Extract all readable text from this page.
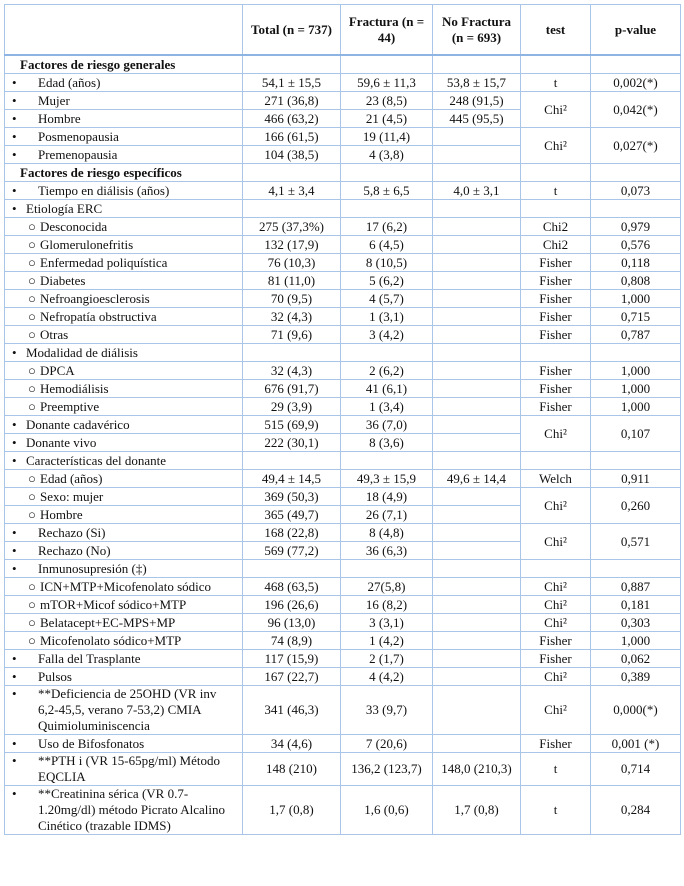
	Total (n = 737)	Fractura (n = 44)	No Fractura (n = 693)	test	p-value

Factores de riesgo generales					

• Edad (años)	54,1 ± 15,5	59,6 ± 11,3	53,8 ± 15,7	t	0,002(*)

• Mujer	271 (36,8)	23 (8,5)	248 (91,5)	Chi²	0,042(*)

• Hombre	466 (63,2)	21 (4,5)	445 (95,5)		

• Posmenopausia	166 (61,5)	19 (11,4)		Chi²	0,027(*)

• Premenopausia	104 (38,5)	4 (3,8)			

Factores de riesgo específicos					

• Tiempo en diálisis (años)	4,1 ± 3,4	5,8 ± 6,5	4,0 ± 3,1	t	0,073

• Etiología ERC					

○ Desconocida	275 (37,3%)	17 (6,2)		Chi2	0,979

○ Glomerulonefritis	132 (17,9)	6 (4,5)		Chi2	0,576

○ Enfermedad poliquística	76 (10,3)	8 (10,5)		Fisher	0,118

○ Diabetes	81 (11,0)	5 (6,2)		Fisher	0,808

○ Nefroangioesclerosis	70 (9,5)	4 (5,7)		Fisher	1,000

○ Nefropatía obstructiva	32 (4,3)	1 (3,1)		Fisher	0,715

○ Otras	71 (9,6)	3 (4,2)		Fisher	0,787

• Modalidad de diálisis					

○ DPCA	32 (4,3)	2 (6,2)		Fisher	1,000

○ Hemodiálisis	676 (91,7)	41 (6,1)		Fisher	1,000

○ Preemptive	29 (3,9)	1 (3,4)		Fisher	1,000

• Donante cadavérico	515 (69,9)	36 (7,0)		Chi²	0,107

• Donante vivo	222 (30,1)	8 (3,6)			

• Características del donante					

○ Edad (años)	49,4 ± 14,5	49,3 ± 15,9	49,6 ± 14,4	Welch	0,911

○ Sexo: mujer	369 (50,3)	18 (4,9)		Chi²	0,260

○ Hombre	365 (49,7)	26 (7,1)			

• Rechazo (Si)	168 (22,8)	8 (4,8)		Chi²	0,571

• Rechazo (No)	569 (77,2)	36 (6,3)			

• Inmunosupresión (‡)					

○ ICN+MTP+Micofenolato sódico	468 (63,5)	27(5,8)		Chi²	0,887

○ mTOR+Micof sódico+MTP	196 (26,6)	16 (8,2)		Chi²	0,181

○ Belatacept+EC-MPS+MP	96 (13,0)	3 (3,1)		Chi²	0,303

○ Micofenolato sódico+MTP	74 (8,9)	1 (4,2)		Fisher	1,000

• Falla del Trasplante	117 (15,9)	2 (1,7)		Fisher	0,062

• Pulsos	167 (22,7)	4 (4,2)		Chi²	0,389

• **Deficiencia de 25OHD (VR inv 6,2-45,5, verano 7-53,2) CMIA Quimioluminiscencia	341 (46,3)	33 (9,7)		Chi²	0,000(*)

• Uso de Bifosfonatos	34 (4,6)	7 (20,6)		Fisher	0,001 (*)

• **PTH i (VR 15-65pg/ml) Método EQCLIA	148 (210)	136,2 (123,7)	148,0 (210,3)	t	0,714

• **Creatinina sérica (VR 0.7-1.20mg/dl) método Picrato Alcalino Cinético (trazable IDMS)	1,7 (0,8)	1,6 (0,6)	1,7 (0,8)	t	0,284
